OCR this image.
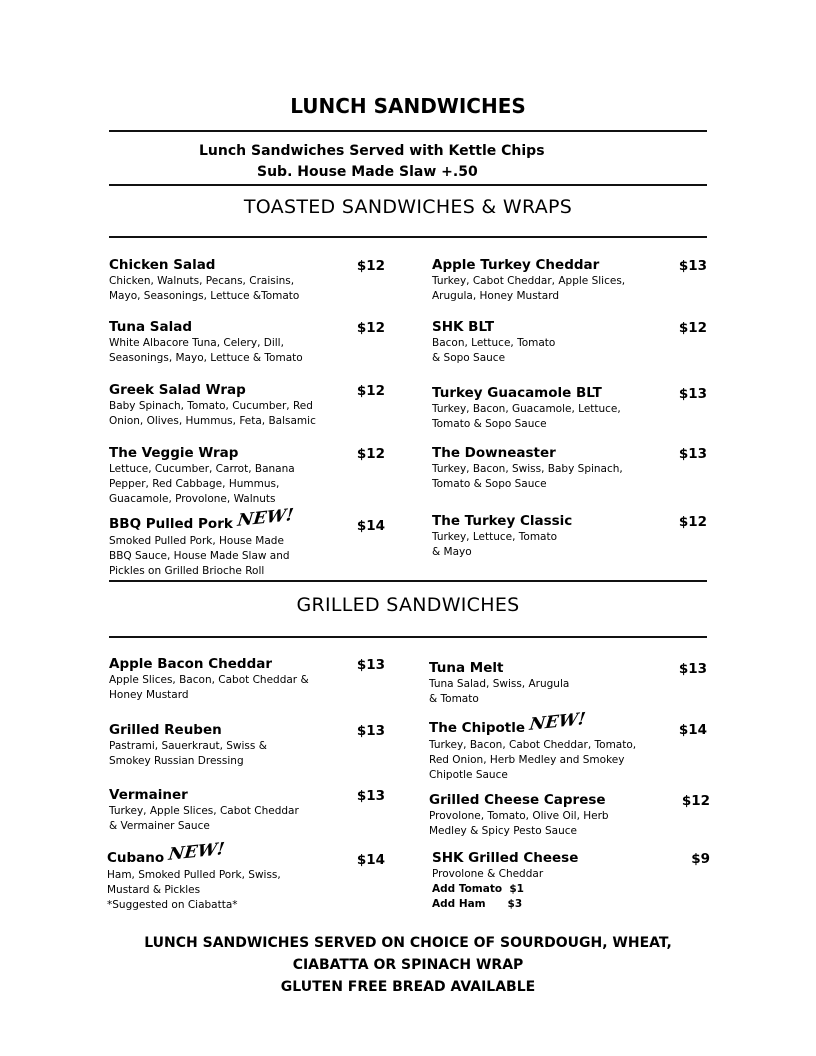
LUNCH SANDWICHES
Lunch Sandwiches Served with Kettle Chips
Sub. House Made Slaw +.50
TOASTED SANDWICHES & WRAPS
GRILLED SANDWICHES
Chicken Salad
Chicken, Walnuts, Pecans, Craisins,
Mayo, Seasonings, Lettuce &Tomato
$12
Tuna Salad
White Albacore Tuna, Celery, Dill,
Seasonings, Mayo, Lettuce & Tomato
$12
Greek Salad Wrap
Baby Spinach, Tomato, Cucumber, Red
Onion, Olives, Hummus, Feta, Balsamic
$12
The Veggie Wrap
Lettuce, Cucumber, Carrot, Banana
Pepper, Red Cabbage, Hummus,
Guacamole, Provolone, Walnuts
$12
BBQ Pulled Pork NEW!
Smoked Pulled Pork, House Made
BBQ Sauce, House Made Slaw and
Pickles on Grilled Brioche Roll
$14
Apple Turkey Cheddar
Turkey, Cabot Cheddar, Apple Slices,
Arugula, Honey Mustard
$13
SHK BLT
Bacon, Lettuce, Tomato
& Sopo Sauce
$12
Turkey Guacamole BLT
Turkey, Bacon, Guacamole, Lettuce,
Tomato & Sopo Sauce
$13
The Downeaster
Turkey, Bacon, Swiss, Baby Spinach,
Tomato & Sopo Sauce
$13
The Turkey Classic
Turkey, Lettuce, Tomato
& Mayo
$12
Apple Bacon Cheddar
Apple Slices, Bacon, Cabot Cheddar &
Honey Mustard
$13
Grilled Reuben
Pastrami, Sauerkraut, Swiss &
Smokey Russian Dressing
$13
Vermainer
Turkey, Apple Slices, Cabot Cheddar
& Vermainer Sauce
$13
Cubano NEW!
Ham, Smoked Pulled Pork, Swiss,
Mustard & Pickles
*Suggested on Ciabatta*
$14
Tuna Melt
Tuna Salad, Swiss, Arugula
& Tomato
$13
The Chipotle NEW!
Turkey, Bacon, Cabot Cheddar, Tomato,
Red Onion, Herb Medley and Smokey
Chipotle Sauce
$14
Grilled Cheese Caprese
Provolone, Tomato, Olive Oil, Herb
Medley & Spicy Pesto Sauce
$12
SHK Grilled Cheese
Provolone & Cheddar
Add Tomato  $1
Add Ham      $3
$9
LUNCH SANDWICHES SERVED ON CHOICE OF SOURDOUGH, WHEAT,
CIABATTA OR SPINACH WRAP
GLUTEN FREE BREAD AVAILABLE
